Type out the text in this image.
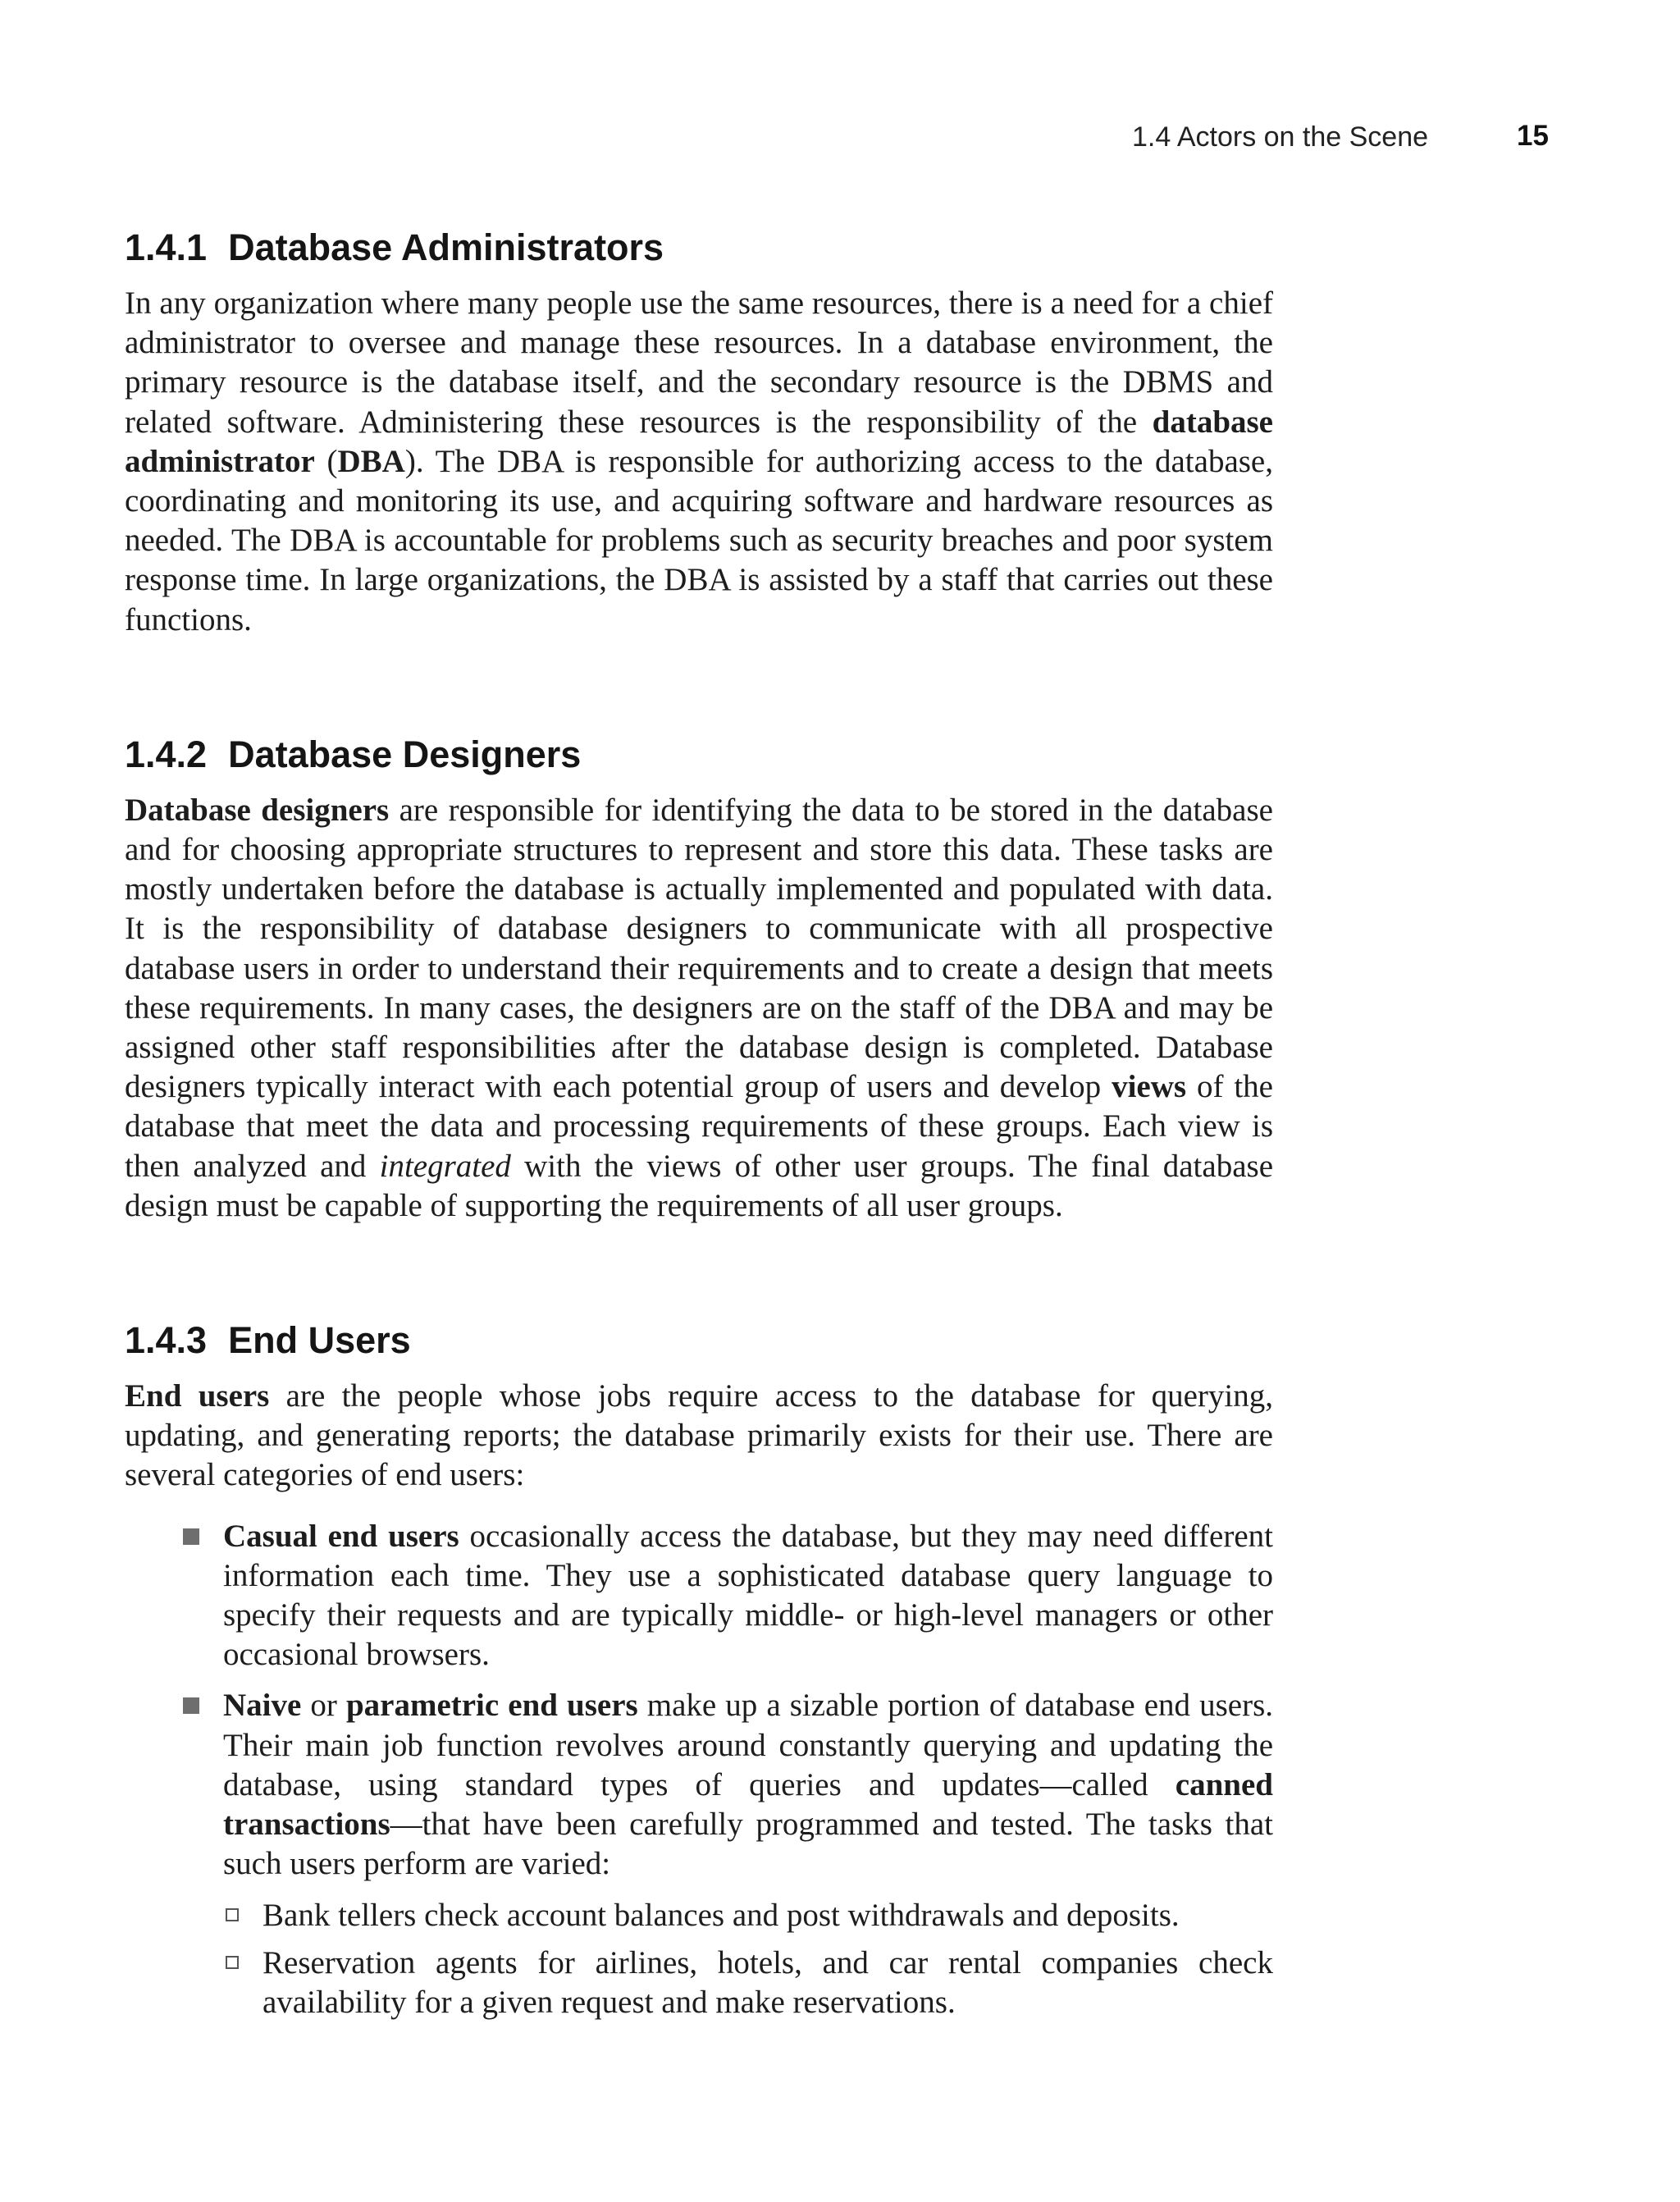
1.4 Actors on the Scene	15
1.4.1 Database Administrators

In any organization where many people use the same resources, there is a need for a chief administrator to oversee and manage these resources. In a database environment, the primary resource is the database itself, and the secondary resource is the DBMS and related software. Administering these resources is the responsibility of the database administrator (DBA). The DBA is responsible for authorizing access to the database, coordinating and monitoring its use, and acquiring software and hardware resources as needed. The DBA is accountable for problems such as security breaches and poor system response time. In large organizations, the DBA is assisted by a staff that carries out these functions.

1.4.2 Database Designers

Database designers are responsible for identifying the data to be stored in the database and for choosing appropriate structures to represent and store this data. These tasks are mostly undertaken before the database is actually implemented and populated with data. It is the responsibility of database designers to communicate with all prospective database users in order to understand their requirements and to create a design that meets these requirements. In many cases, the designers are on the staff of the DBA and may be assigned other staff responsibilities after the database design is completed. Database designers typically interact with each potential group of users and develop views of the database that meet the data and processing requirements of these groups. Each view is then analyzed and integrated with the views of other user groups. The final database design must be capable of supporting the requirements of all user groups.

1.4.3 End Users

End users are the people whose jobs require access to the database for querying, updating, and generating reports; the database primarily exists for their use. There are several categories of end users:

Casual end users occasionally access the database, but they may need different information each time. They use a sophisticated database query language to specify their requests and are typically middle- or high-level managers or other occasional browsers.
Naive or parametric end users make up a sizable portion of database end users. Their main job function revolves around constantly querying and updating the database, using standard types of queries and updates—called canned transactions—that have been carefully programmed and tested. The tasks that such users perform are varied:
Bank tellers check account balances and post withdrawals and deposits.
Reservation agents for airlines, hotels, and car rental companies check availability for a given request and make reservations.
